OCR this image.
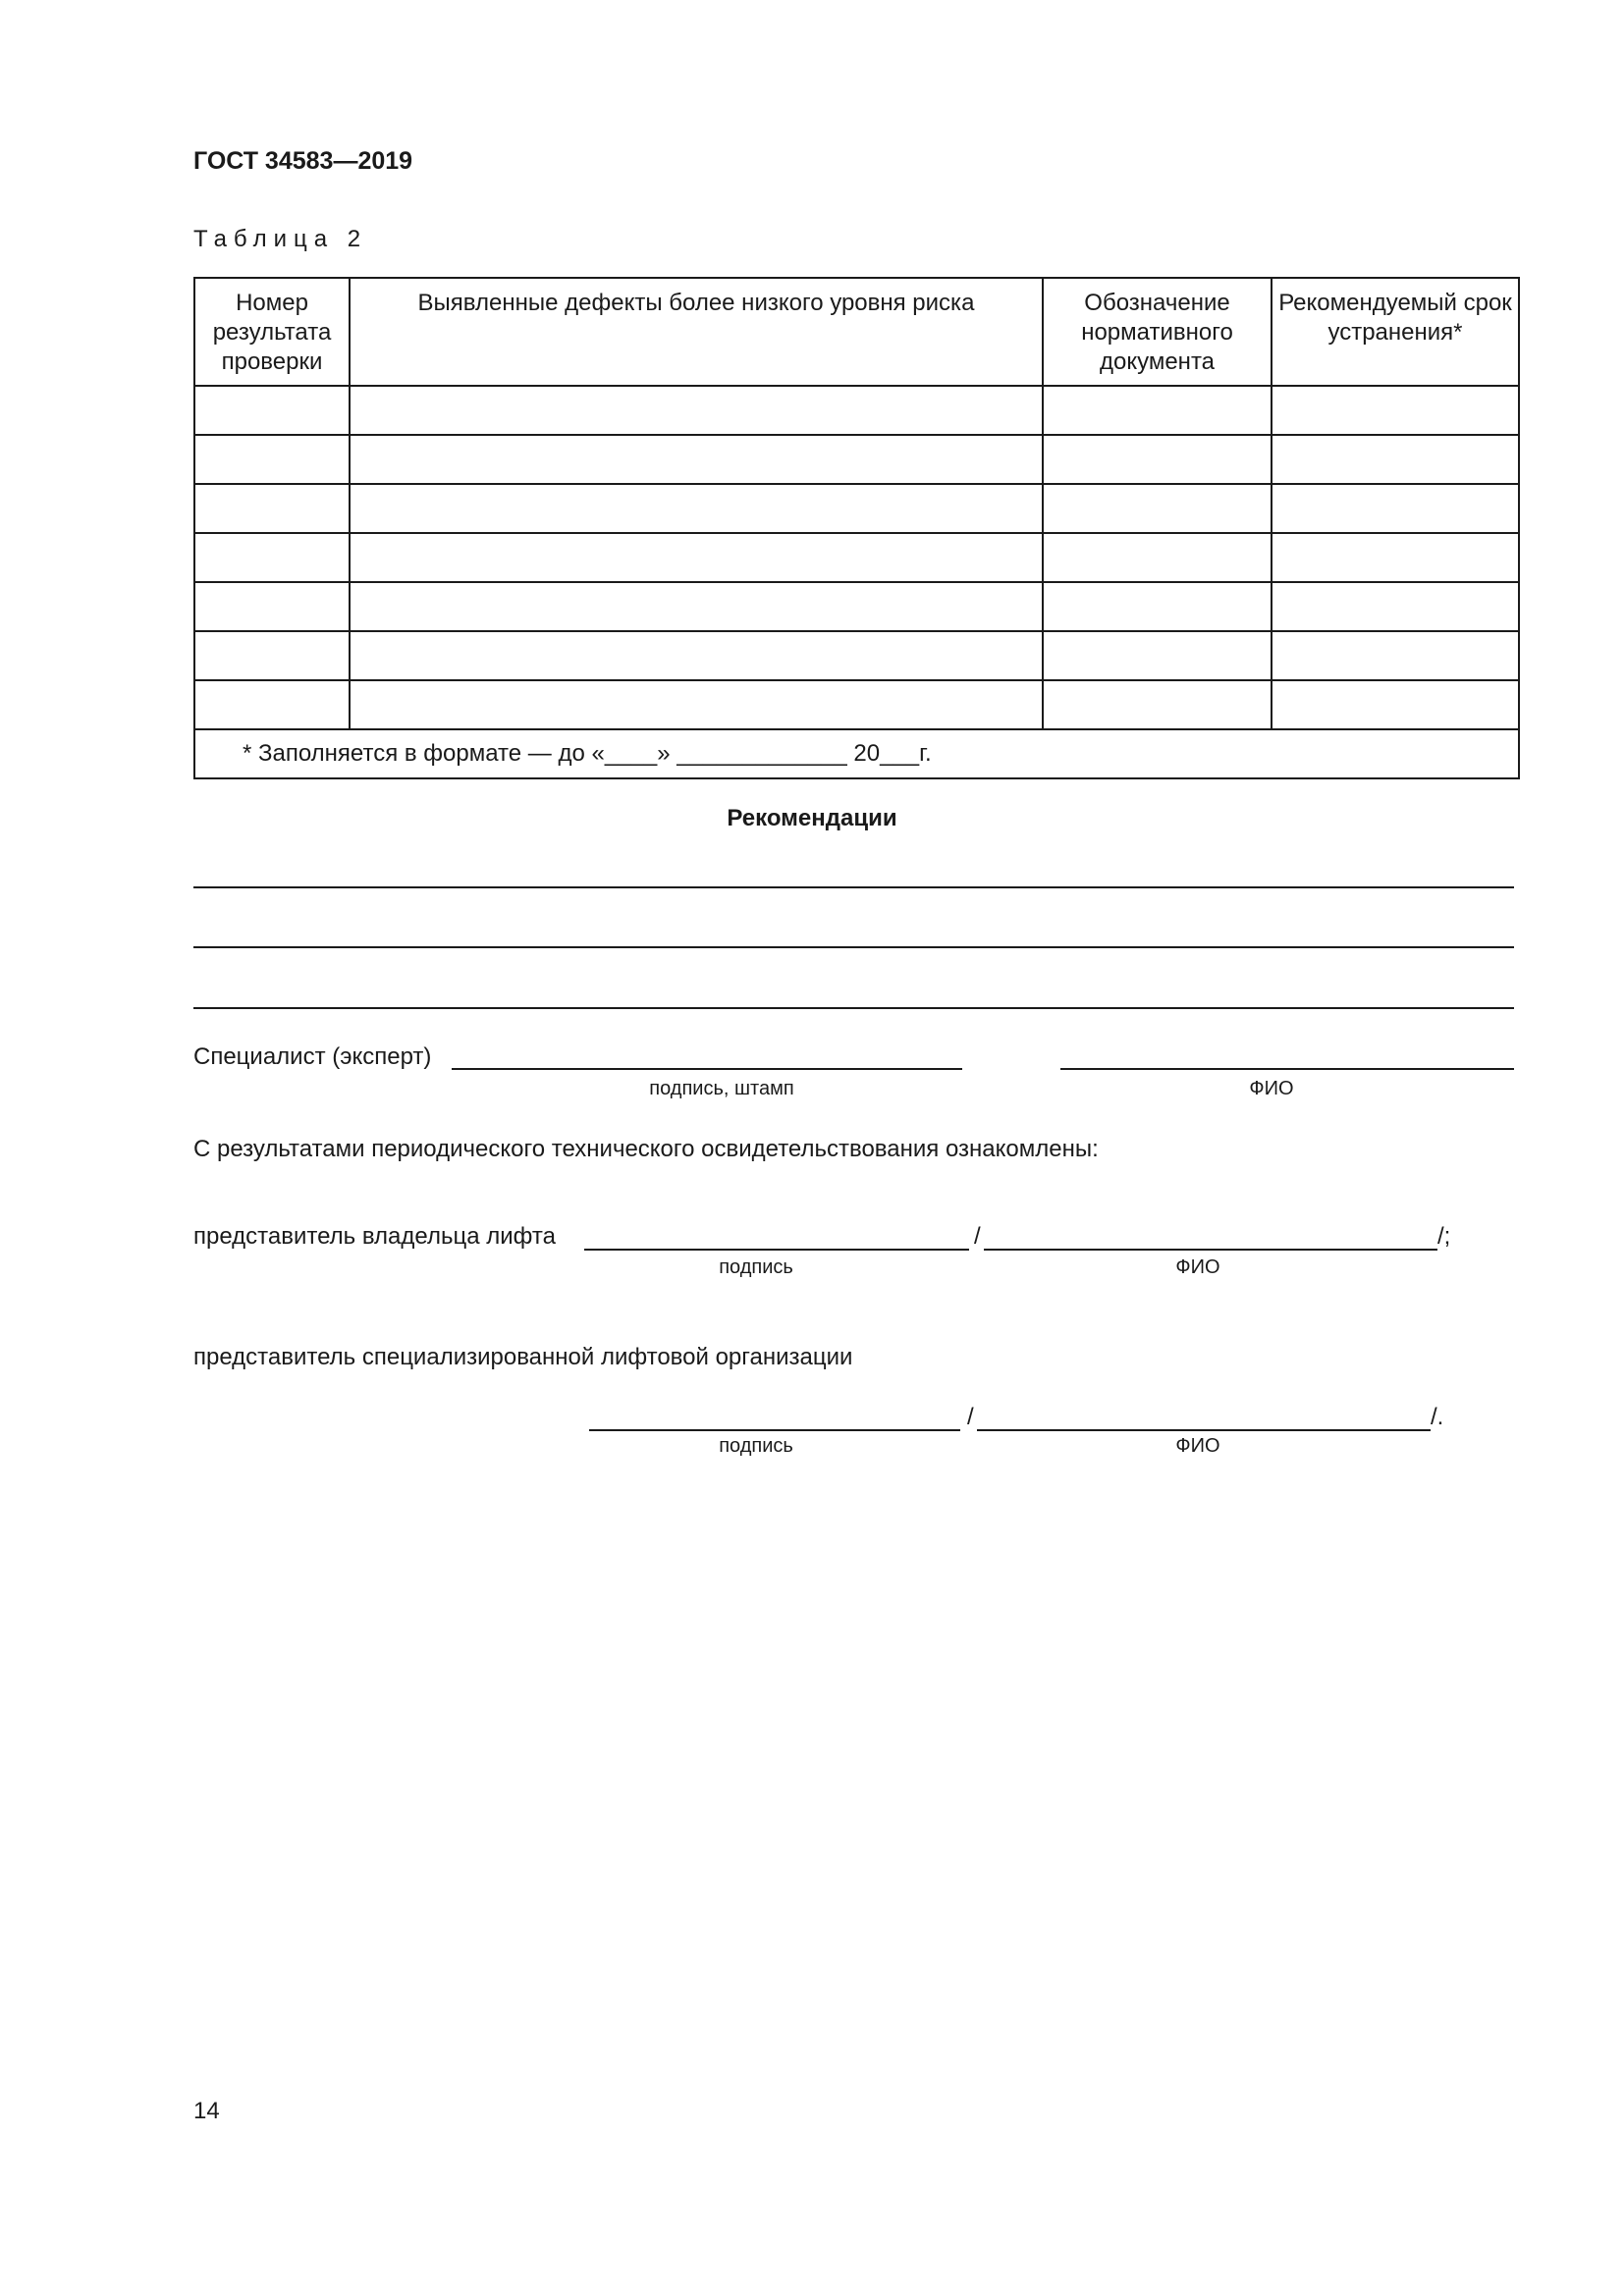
ГОСТ 34583—2019
Таблица 2
Номер результата проверки	Выявленные дефекты более низкого уровня риска	Обозначение нормативного документа	Рекомендуемый срок устранения*

* Заполняется в формате — до «____» _____________ 20___г.			
Рекомендации
Специалист (эксперт)
подпись, штамп	ФИО
С результатами периодического технического освидетельствования ознакомлены:
представитель владельца лифта	/	/;
подпись	ФИО
представитель специализированной лифтовой организации
/	/.
подпись	ФИО
14
